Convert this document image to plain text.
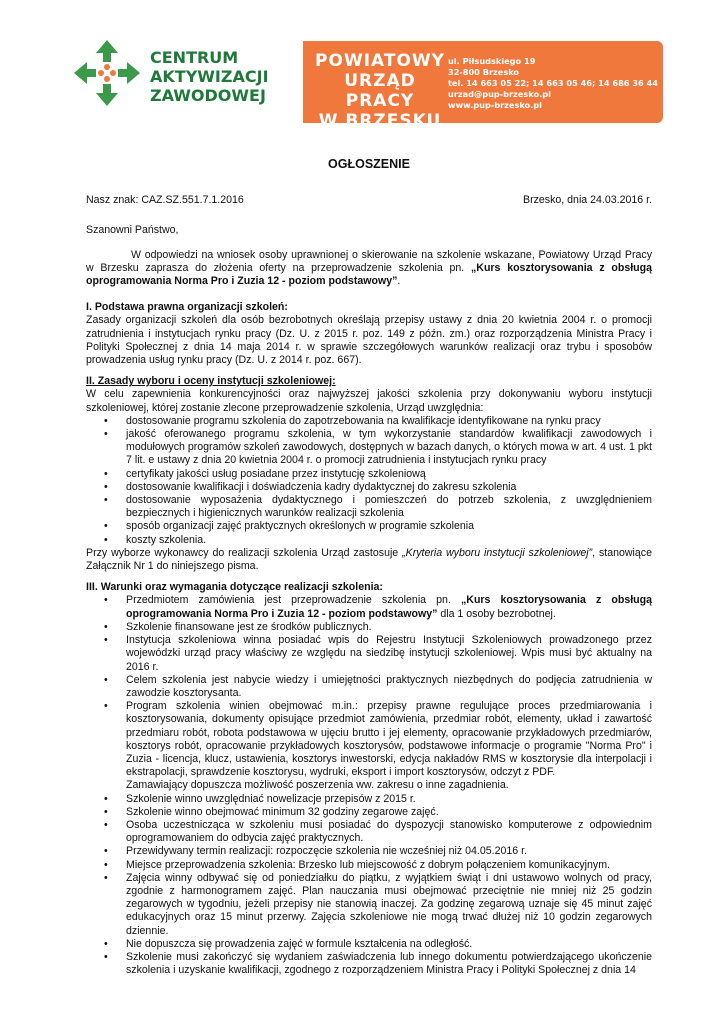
CENTRUM
AKTYWIZACJI
ZAWODOWEJ
POWIATOWY
URZĄD PRACY
W BRZESKU
ul. Piłsudskiego 19
32-800 Brzesko
tel. 14 663 05 22; 14 663 05 46; 14 686 36 44
urzad@pup-brzesko.pl
www.pup-brzesko.pl
OGŁOSZENIE
Nasz znak: CAZ.SZ.551.7.1.2016	Brzesko, dnia 24.03.2016 r.
Szanowni Państwo,

W odpowiedzi na wniosek osoby uprawnionej o skierowanie na szkolenie wskazane, Powiatowy Urząd Pracy w Brzesku zaprasza do złożenia oferty na przeprowadzenie szkolenia pn. „Kurs kosztorysowania z obsługą oprogramowania Norma Pro i Zuzia 12 - poziom podstawowy”.

I. Podstawa prawna organizacji szkoleń:

Zasady organizacji szkoleń dla osób bezrobotnych określają przepisy ustawy z dnia 20 kwietnia 2004 r. o promocji zatrudnienia i instytucjach rynku pracy (Dz. U. z 2015 r. poz. 149 z późn. zm.) oraz rozporządzenia Ministra Pracy i Polityki Społecznej z dnia 14 maja 2014 r. w sprawie szczegółowych warunków realizacji oraz trybu i sposobów prowadzenia usług rynku pracy (Dz. U. z 2014 r. poz. 667).

II. Zasady wyboru i oceny instytucji szkoleniowej:

W celu zapewnienia konkurencyjności oraz najwyższej jakości szkolenia przy dokonywaniu wyboru instytucji szkoleniowej, której zostanie zlecone przeprowadzenie szkolenia, Urząd uwzględnia:

• dostosowanie programu szkolenia do zapotrzebowania na kwalifikacje identyfikowane na rynku pracy
• jakość oferowanego programu szkolenia, w tym wykorzystanie standardów kwalifikacji zawodowych i modułowych programów szkoleń zawodowych, dostępnych w bazach danych, o których mowa w art. 4 ust. 1 pkt 7 lit. e ustawy z dnia 20 kwietnia 2004 r. o promocji zatrudnienia i instytucjach rynku pracy
• certyfikaty jakości usług posiadane przez instytucję szkoleniową
• dostosowanie kwalifikacji i doświadczenia kadry dydaktycznej do zakresu szkolenia
• dostosowanie wyposażenia dydaktycznego i pomieszczeń do potrzeb szkolenia, z uwzględnieniem bezpiecznych i higienicznych warunków realizacji szkolenia
• sposób organizacji zajęć praktycznych określonych w programie szkolenia
• koszty szkolenia.

Przy wyborze wykonawcy do realizacji szkolenia Urząd zastosuje „Kryteria wyboru instytucji szkoleniowej”, stanowiące Załącznik Nr 1 do niniejszego pisma.

III. Warunki oraz wymagania dotyczące realizacji szkolenia:
• Przedmiotem zamówienia jest przeprowadzenie szkolenia pn. „Kurs kosztorysowania z obsługą oprogramowania Norma Pro i Zuzia 12 - poziom podstawowy” dla 1 osoby bezrobotnej.
• Szkolenie finansowane jest ze środków publicznych.
• Instytucja szkoleniowa winna posiadać wpis do Rejestru Instytucji Szkoleniowych prowadzonego przez wojewódzki urząd pracy właściwy ze względu na siedzibę instytucji szkoleniowej. Wpis musi być aktualny na 2016 r.
• Celem szkolenia jest nabycie wiedzy i umiejętności praktycznych niezbędnych do podjęcia zatrudnienia w zawodzie kosztorysanta.
• Program szkolenia winien obejmować m.in.: przepisy prawne regulujące proces przedmiarowania i kosztorysowania, dokumenty opisujące przedmiot zamówienia, przedmiar robót, elementy, układ i zawartość przedmiaru robót, robota podstawowa w ujęciu brutto i jej elementy, opracowanie przykładowych przedmiarów, kosztorys robót, opracowanie przykładowych kosztorysów, podstawowe informacje o programie "Norma Pro" i Zuzia - licencja, klucz, ustawienia, kosztorys inwestorski, edycja nakładów RMS w kosztorysie dla interpolacji i ekstrapolacji, sprawdzenie kosztorysu, wydruki, eksport i import kosztorysów, odczyt z PDF.
Zamawiający dopuszcza możliwość poszerzenia ww. zakresu o inne zagadnienia.
• Szkolenie winno uwzględniać nowelizacje przepisów z 2015 r.
• Szkolenie winno obejmować minimum 32 godziny zegarowe zajęć.
• Osoba uczestnicząca w szkoleniu musi posiadać do dyspozycji stanowisko komputerowe z odpowiednim oprogramowaniem do odbycia zajęć praktycznych.
• Przewidywany termin realizacji: rozpoczęcie szkolenia nie wcześniej niż 04.05.2016 r.
• Miejsce przeprowadzenia szkolenia: Brzesko lub miejscowość z dobrym połączeniem komunikacyjnym.
• Zajęcia winny odbywać się od poniedziałku do piątku, z wyjątkiem świąt i dni ustawowo wolnych od pracy, zgodnie z harmonogramem zajęć. Plan nauczania musi obejmować przeciętnie nie mniej niż 25 godzin zegarowych w tygodniu, jeżeli przepisy nie stanowią inaczej. Za godzinę zegarową uznaje się 45 minut zajęć edukacyjnych oraz 15 minut przerwy. Zajęcia szkoleniowe nie mogą trwać dłużej niż 10 godzin zegarowych dziennie.
• Nie dopuszcza się prowadzenia zajęć w formule kształcenia na odległość.
• Szkolenie musi zakończyć się wydaniem zaświadczenia lub innego dokumentu potwierdzającego ukończenie szkolenia i uzyskanie kwalifikacji, zgodnego z rozporządzeniem Ministra Pracy i Polityki Społecznej z dnia 14
